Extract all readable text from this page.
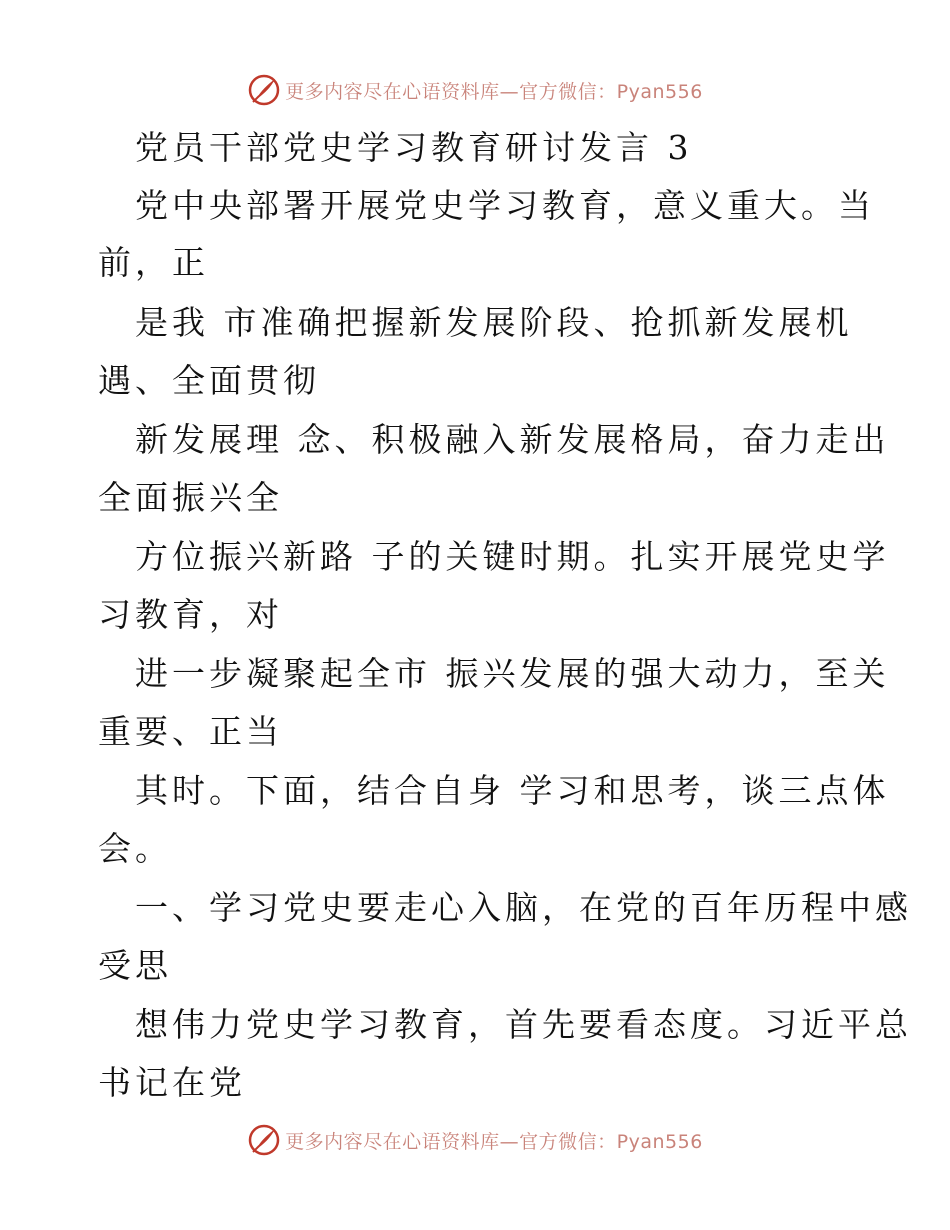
更多内容尽在心语资料库—官方微信：Pyan556
党员干部党史学习教育研讨发言 3
党中央部署开展党史学习教育，意义重大。当
前，正
是我 市准确把握新发展阶段、抢抓新发展机
遇、全面贯彻
新发展理 念、积极融入新发展格局，奋力走出
全面振兴全
方位振兴新路 子的关键时期。扎实开展党史学
习教育，对
进一步凝聚起全市 振兴发展的强大动力，至关
重要、正当
其时。下面，结合自身 学习和思考，谈三点体
会。
一、学习党史要走心入脑，在党的百年历程中感
受思
想伟力党史学习教育，首先要看态度。习近平总
书记在党
更多内容尽在心语资料库—官方微信：Pyan556
